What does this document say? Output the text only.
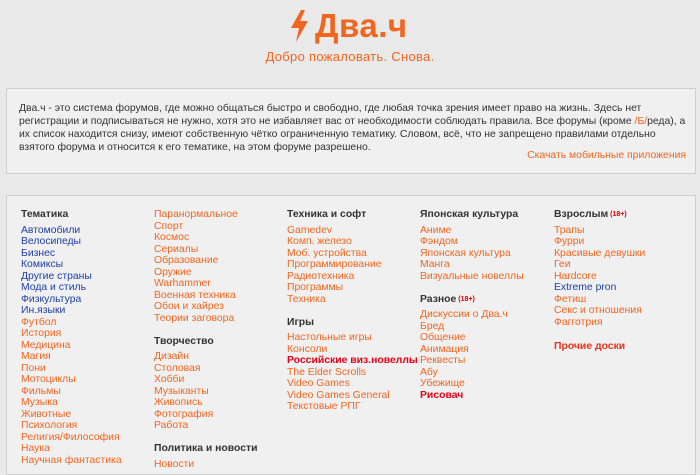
Два.ч
Добро пожаловать. Снова.
Два.ч - это система форумов, где можно общаться быстро и свободно, где любая точка зрения имеет право на жизнь. Здесь нет регистрации и подписываться не нужно, хотя это не избавляет вас от необходимости соблюдать правила. Все форумы (кроме /Б/реда), а их список находится снизу, имеют собственную чётко ограниченную тематику. Словом, всё, что не запрещено правилами отдельно взятого форума и относится к его тематике, на этом форуме разрешено.
Скачать мобильные приложения
Тематика
Автомобили
Велосипеды
Бизнес
Комиксы
Другие страны
Мода и стиль
Физкультура
Ин.языки
Футбол
История
Медицина
Магия
Пони
Мотоциклы
Фильмы
Музыка
Животные
Психология
Религия/Философия
Наука
Научная фантастика
Паранормальное
Спорт
Космос
Сериалы
Образование
Оружие
Warhammer
Военная техника
Обои и хайрез
Теории заговора
Творчество
Дизайн
Столовая
Хобби
Музыканты
Живопись
Фотография
Работа
Политика и новости
Новости
Техника и софт
Gamedev
Комп. железо
Моб. устройства
Программирование
Радиотехника
Программы
Техника
Игры
Настольные игры
Консоли
Российские виз.новеллы
The Elder Scrolls
Video Games
Video Games General
Текстовые РПГ
Японская культура
Аниме
Фэндом
Японская культура
Манга
Визуальные новеллы
Разное $^{(18+)}$
Дискуссии о Два.ч
Бред
Общение
Анимация
Реквесты
Абу
Убежище
Рисовач
Взрослым $^{(18+)}$
Трапы
Фурри
Красивые девушки
Геи
Hardcore
Extreme pron
Фетиш
Секс и отношения
Фагготрия
Прочие доски
